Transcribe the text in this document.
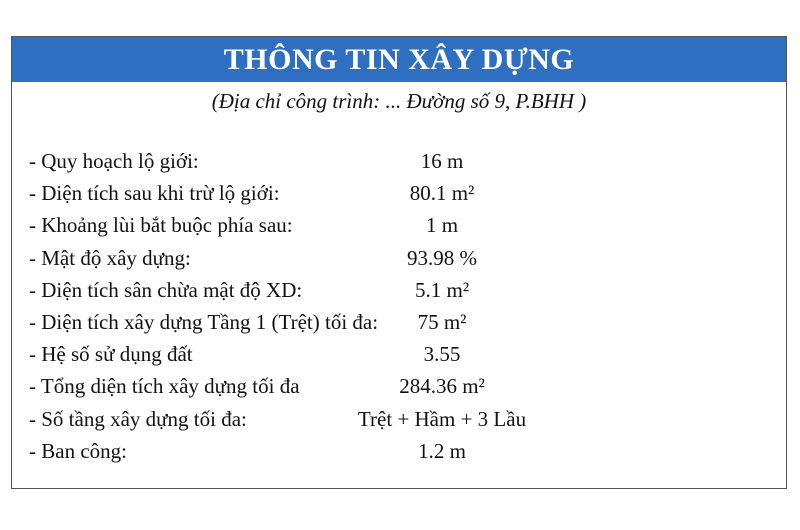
THÔNG TIN XÂY DỰNG
(Địa chỉ công trình: ... Đường số 9, P.BHH )
- Quy hoạch lộ giới:	16 m
- Diện tích sau khi trừ lộ giới:	80.1 m²
- Khoảng lùi bắt buộc phía sau:	1 m
- Mật độ xây dựng:	93.98 %
- Diện tích sân chừa mật độ XD:	5.1 m²
- Diện tích xây dựng Tầng 1 (Trệt) tối đa: 75 m²
- Hệ số sử dụng đất	3.55
- Tổng diện tích xây dựng tối đa	284.36 m²
- Số tầng xây dựng tối đa:	Trệt + Hầm + 3 Lầu
- Ban công:	1.2 m
